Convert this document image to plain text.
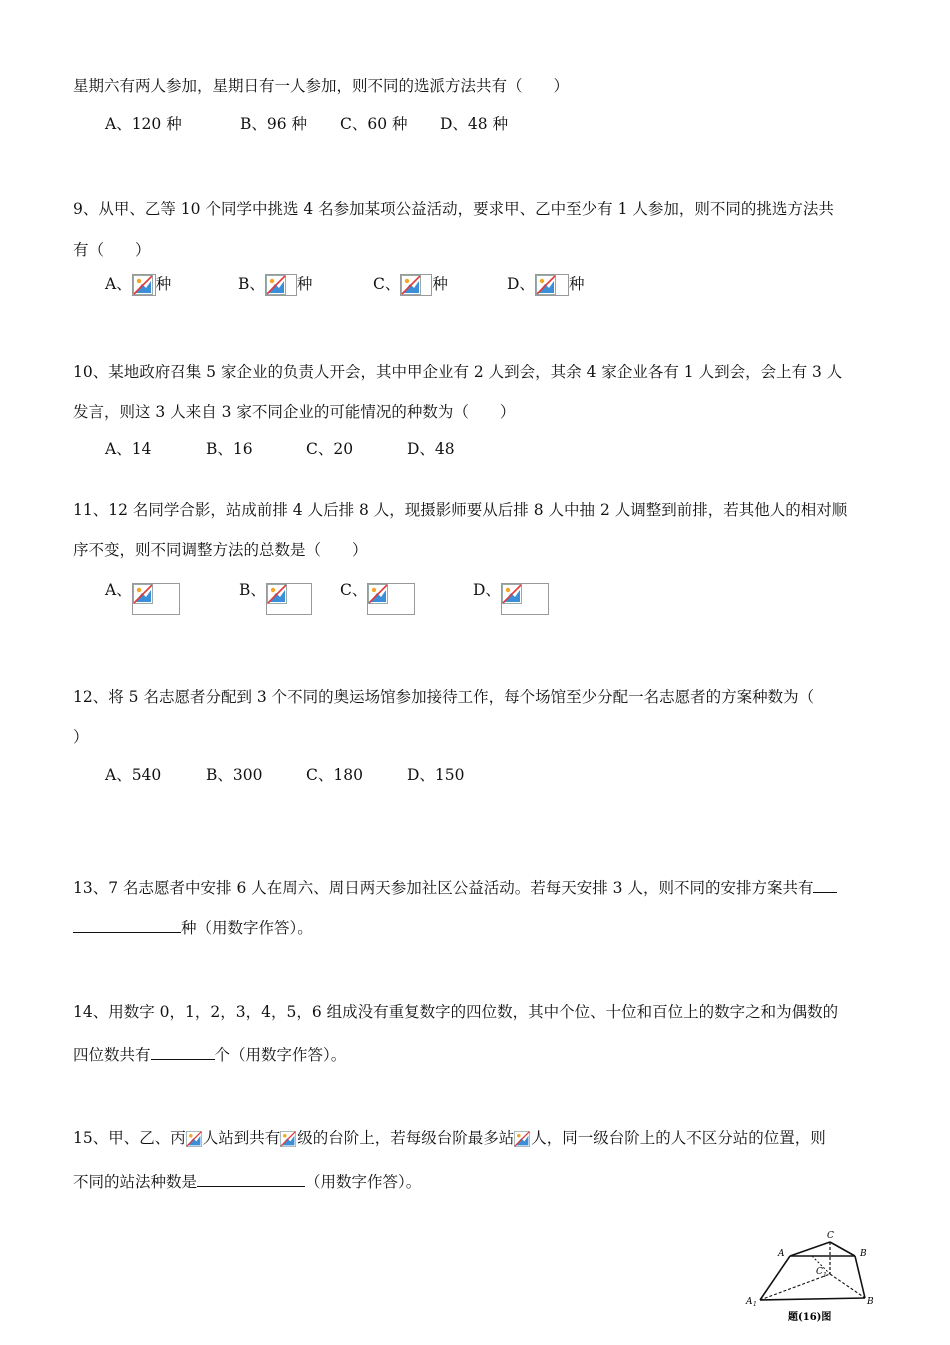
星期六有两人参加，星期日有一人参加，则不同的选派方法共有（　　）
A、120 种	B、96 种 C、60 种 D、48 种
9、从甲、乙等 10 个同学中挑选 4 名参加某项公益活动，要求甲、乙中至少有 1 人参加，则不同的挑选方法共
有（　　）
A、 种	B、 种	C、 种	D、 种
10、某地政府召集 5 家企业的负责人开会，其中甲企业有 2 人到会，其余 4 家企业各有 1 人到会，会上有 3 人
发言，则这 3 人来自 3 家不同企业的可能情况的种数为（　　）
A、14	B、16	C、20	D、48
11、12 名同学合影，站成前排 4 人后排 8 人，现摄影师要从后排 8 人中抽 2 人调整到前排，若其他人的相对顺
序不变，则不同调整方法的总数是（　　）
A、	B、	C、	D、
12、将 5 名志愿者分配到 3 个不同的奥运场馆参加接待工作，每个场馆至少分配一名志愿者的方案种数为（
）
A、540	B、300	C、180	D、150
13、7 名志愿者中安排 6 人在周六、周日两天参加社区公益活动。若每天安排 3 人，则不同的安排方案共有
种（用数字作答）。
14、用数字 0，1，2，3，4，5，6 组成没有重复数字的四位数，其中个位、十位和百位上的数字之和为偶数的
四位数共有	个（用数字作答）。
15、甲、乙、丙 人站到共有 级的台阶上，若每级台阶最多站 人，同一级台阶上的人不区分站的位置，则
不同的站法种数是	（用数字作答）。
A
C
B
C 1
A 1	B
题(16)图
